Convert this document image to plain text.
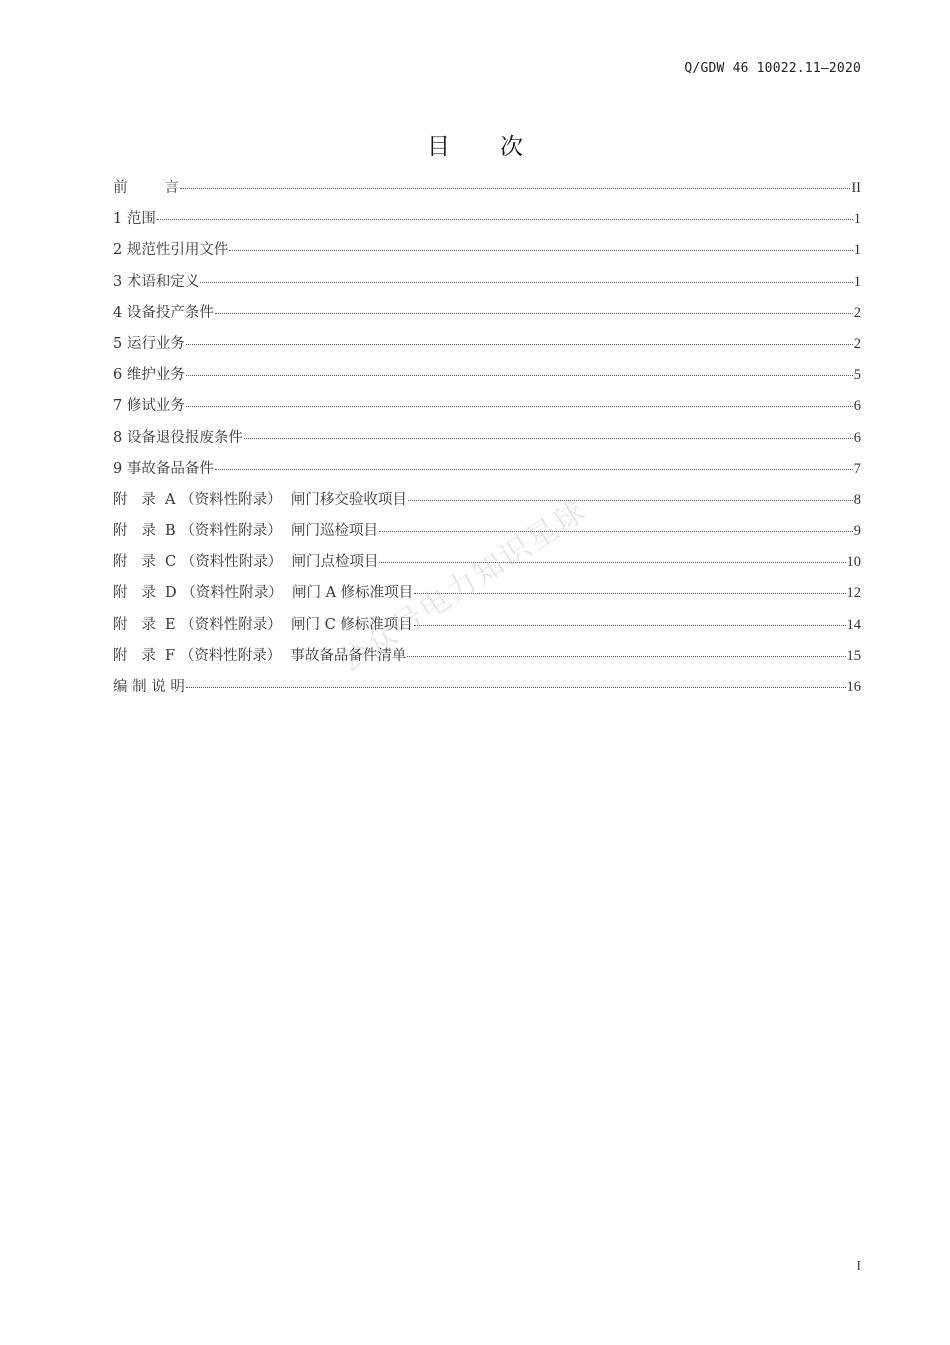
Q/GDW 46 10022.11—2020
目 次
前        言	II
1 范围	1
2 规范性引用文件	1
3 术语和定义	1
4 设备投产条件	2
5 运行业务	2
6 维护业务	5
7 修试业务	6
8 设备退役报废条件	6
9 事故备品备件	7
附   录  A （资料性附录）  闸门移交验收项目	8
附   录  B （资料性附录）  闸门巡检项目	9
附   录  C （资料性附录）  闸门点检项目	10
附   录  D （资料性附录）  闸门 A 修标准项目	12
附   录  E （资料性附录）  闸门 C 修标准项目	14
附   录  F （资料性附录）  事故备品备件清单	15
编 制 说 明	16
公众号电力知识星球
I
